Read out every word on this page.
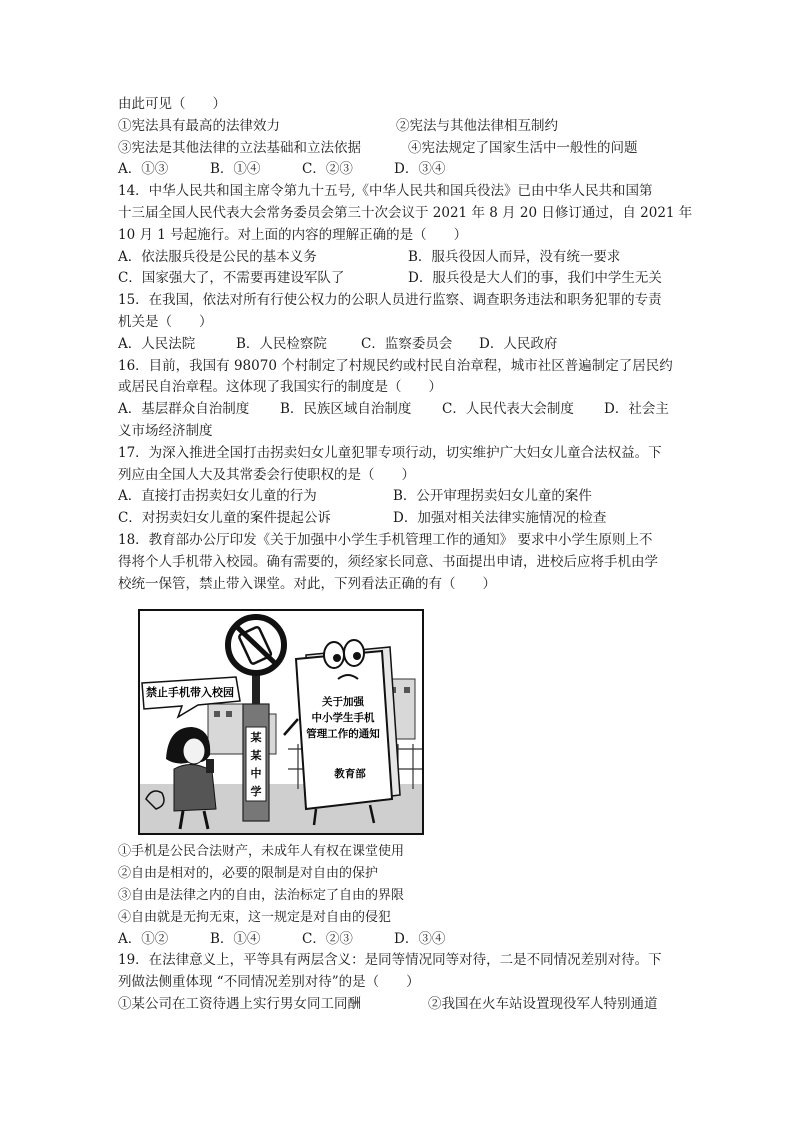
由此可见（　　）
①宪法具有最高的法律效力	②宪法与其他法律相互制约
③宪法是其他法律的立法基础和立法依据	④宪法规定了国家生活中一般性的问题
A．①③	B．①④	C．②③	D．③④
14．中华人民共和国主席令第九十五号,《中华人民共和国兵役法》已由中华人民共和国第
十三届全国人民代表大会常务委员会第三十次会议于 2021 年 8 月 20 日修订通过，自 2021 年
10 月 1 号起施行。对上面的内容的理解正确的是（　　）
A．依法服兵役是公民的基本义务	B．服兵役因人而异，没有统一要求
C．国家强大了，不需要再建设军队了	D．服兵役是大人们的事，我们中学生无关
15．在我国，依法对所有行使公权力的公职人员进行监察、调查职务违法和职务犯罪的专责
机关是（　　）
A．人民法院	B．人民检察院	C．监察委员会	D．人民政府
16．目前，我国有 98070 个村制定了村规民约或村民自治章程，城市社区普遍制定了居民约
或居民自治章程。这体现了我国实行的制度是（　　）
A．基层群众自治制度	B．民族区域自治制度	C．人民代表大会制度	D．社会主
义市场经济制度
17．为深入推进全国打击拐卖妇女儿童犯罪专项行动，切实维护广大妇女儿童合法权益。下
列应由全国人大及其常委会行使职权的是（　　）
A．直接打击拐卖妇女儿童的行为	B．公开审理拐卖妇女儿童的案件
C．对拐卖妇女儿童的案件提起公诉	D．加强对相关法律实施情况的检查
18．教育部办公厅印发《关于加强中小学生手机管理工作的通知》 要求中小学生原则上不
得将个人手机带入校园。确有需要的，须经家长同意、书面提出申请，进校后应将手机由学
校统一保管，禁止带入课堂。对此，下列看法正确的有（　　）
某
某
中
学
禁止手机带入校园
关于加强
中小学生手机
管理工作的通知
教育部
①手机是公民合法财产，未成年人有权在课堂使用
②自由是相对的，必要的限制是对自由的保护
③自由是法律之内的自由，法治标定了自由的界限
④自由就是无拘无束，这一规定是对自由的侵犯
A．①②	B．①④	C．②③	D．③④
19．在法律意义上，平等具有两层含义：是同等情况同等对待，二是不同情况差别对待。下
列做法侧重体现 “不同情况差别对待”的是（　　）
①某公司在工资待遇上实行男女同工同酬	②我国在火车站设置现役军人特别通道
